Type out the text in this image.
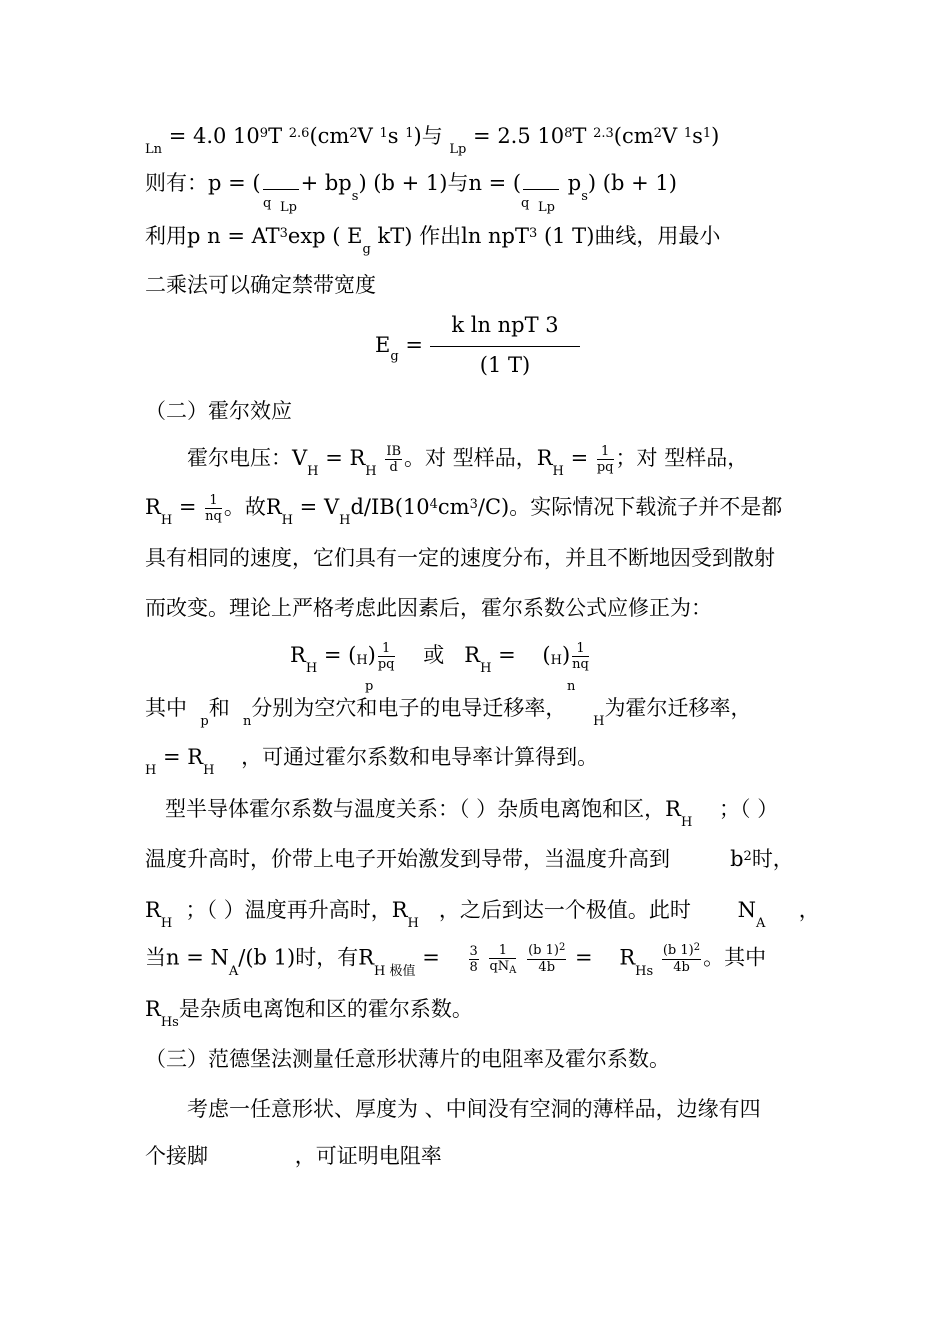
$_{Ln}$ = 4.0 $10^9T$ $^{2.6}(cm^2V$ $^1$s $^1$)与 $_{Lp}$ = 2.5 $10^8T$ $^{2.3}(cm^2V$ $^1s^1$)
则有：p = ( + $bp_s$) (b + 1)与n = ( $p_s$) (b + 1)
q Lp	q Lp
利用p $n = AT^3\exp$ ( $E_g$ kT) 作出ln npT$^3$ (1 T)曲线，用最小
二乘法可以确定禁带宽度
$E_g$ =
k ln npT 3
(1 T)
（二）霍尔效应
霍尔电压：$V_H = R_H \frac{IB}{d}$ 。对 型样品，$R_H = \frac{1}{pq}$ ；对 型样品，
$R_H = \frac{1}{nq}$ 。故$R_H = V_Hd/IB(10^4cm^3/C)$。实际情况下载流子并不是都
具有相同的速度，它们具有一定的速度分布，并且不断地因受到散射
而改变。理论上严格考虑此因素后，霍尔系数公式应修正为：
$R_H = (H$
p
) $\frac{1}{pq}$ 或 $R_H = (H$
n
) $\frac{1}{nq}$
其中  $_p$和  $_n$分别为空穴和电子的电导迁移率，    $_H$为霍尔迁移率，
$_H = R_H$    ，可通过霍尔系数和电导率计算得到。
型半导体霍尔系数与温度关系：（ ）杂质电离饱和区，$R_H$    ；（ ）
温度升高时，价带上电子开始激发到导带，当温度升高到	$b^2$时，
$R_H$  ；（ ）温度再升高时，$R_H$   ，之后到达一个极值。此时 $N_A$     ，
当$n = N_A/(b$ 1)时，有$R_{H 极值} = \frac{3}{8}$
$\frac{1}{qN_A}$
$\frac{(b 1)^2}{4b} = R_{Hs} \frac{(b 1)^2}{4b}$ 。其中
$R_{Hs}$是杂质电离饱和区的霍尔系数。
（三）范德堡法测量任意形状薄片的电阻率及霍尔系数。
考虑一任意形状、厚度为 、中间没有空洞的薄样品，边缘有四
个接脚	，可证明电阻率
